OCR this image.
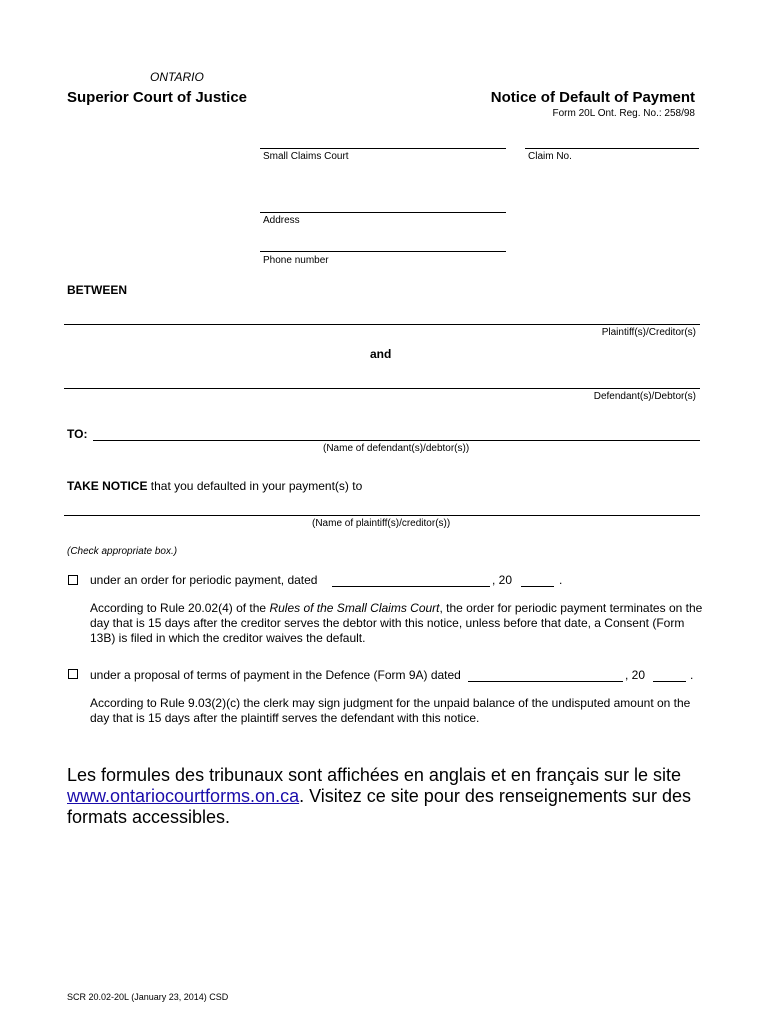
ONTARIO
Superior Court of Justice	Notice of Default of Payment
Form 20L Ont. Reg. No.: 258/98
Small Claims Court	Claim No.
Address
Phone number
BETWEEN
Plaintiff(s)/Creditor(s)
and
Defendant(s)/Debtor(s)
TO:
(Name of defendant(s)/debtor(s))
TAKE NOTICE that you defaulted in your payment(s) to
(Name of plaintiff(s)/creditor(s))
(Check appropriate box.)
under an order for periodic payment, dated	, 20	.
According to Rule 20.02(4) of the Rules of the Small Claims Court, the order for periodic payment terminates on the day that is 15 days after the creditor serves the debtor with this notice, unless before that date, a Consent (Form 13B) is filed in which the creditor waives the default.
under a proposal of terms of payment in the Defence (Form 9A) dated	, 20	.
According to Rule 9.03(2)(c) the clerk may sign judgment for the unpaid balance of the undisputed amount on the day that is 15 days after the plaintiff serves the defendant with this notice.
Les formules des tribunaux sont affichées en anglais et en français sur le site www.ontariocourtforms.on.ca. Visitez ce site pour des renseignements sur des formats accessibles.
SCR 20.02-20L (January 23, 2014) CSD
